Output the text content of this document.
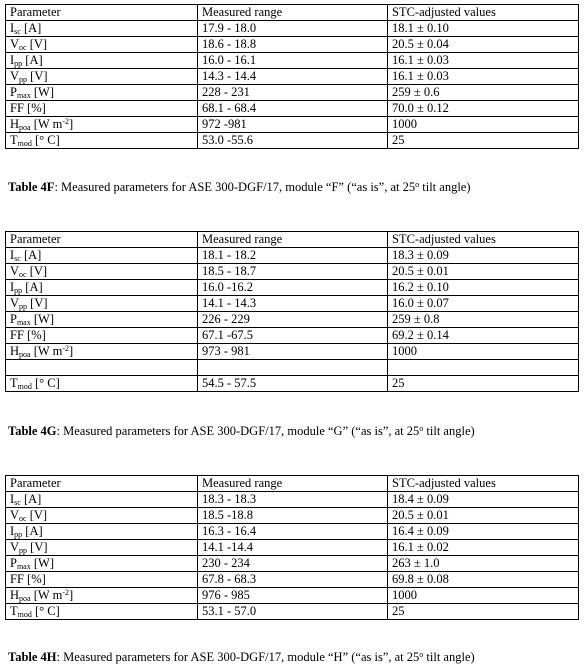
Parameter	Measured range	STC-adjusted values
$I_{sc}$ [A]	17.9 - 18.0	18.1 ± 0.10
$V_{oc}$ [V]	18.6 - 18.8	20.5 ± 0.04
$I_{pp}$ [A]	16.0 - 16.1	16.1 ± 0.03
$V_{pp}$ [V]	14.3 - 14.4	16.1 ± 0.03
$P_{max}$ [W]	228 - 231	259 ± 0.6
FF [%]	68.1 - 68.4	70.0 ± 0.12
$H_{poa}$ [W $m^{-2}$]	972 -981	1000
$T_{mod}$ [° C]	53.0 -55.6	25
Table 4F: Measured parameters for ASE 300-DGF/17, module “F” (“as is”, at 25$^o$ tilt angle)
Parameter	Measured range	STC-adjusted values
$I_{sc}$ [A]	18.1 - 18.2	18.3 ± 0.09
$V_{oc}$ [V]	18.5 - 18.7	20.5 ± 0.01
$I_{pp}$ [A]	16.0 -16.2	16.2 ± 0.10
$V_{pp}$ [V]	14.1 - 14.3	16.0 ± 0.07
$P_{max}$ [W]	226 - 229	259 ± 0.8
FF [%]	67.1 -67.5	69.2 ± 0.14
$H_{poa}$ [W $m^{-2}$]	973 - 981	1000

$T_{mod}$ [° C]	54.5 - 57.5	25
Table 4G: Measured parameters for ASE 300-DGF/17, module “G” (“as is”, at 25$^o$ tilt angle)
Parameter	Measured range	STC-adjusted values
$I_{sc}$ [A]	18.3 - 18.3	18.4 ± 0.09
$V_{oc}$ [V]	18.5 -18.8	20.5 ± 0.01
$I_{pp}$ [A]	16.3 - 16.4	16.4 ± 0.09
$V_{pp}$ [V]	14.1 -14.4	16.1 ± 0.02
$P_{max}$ [W]	230 - 234	263 ± 1.0
FF [%]	67.8 - 68.3	69.8 ± 0.08
$H_{poa}$ [W $m^{-2}$]	976 - 985	1000
$T_{mod}$ [° C]	53.1 - 57.0	25
Table 4H: Measured parameters for ASE 300-DGF/17, module “H” (“as is”, at 25$^o$ tilt angle)
